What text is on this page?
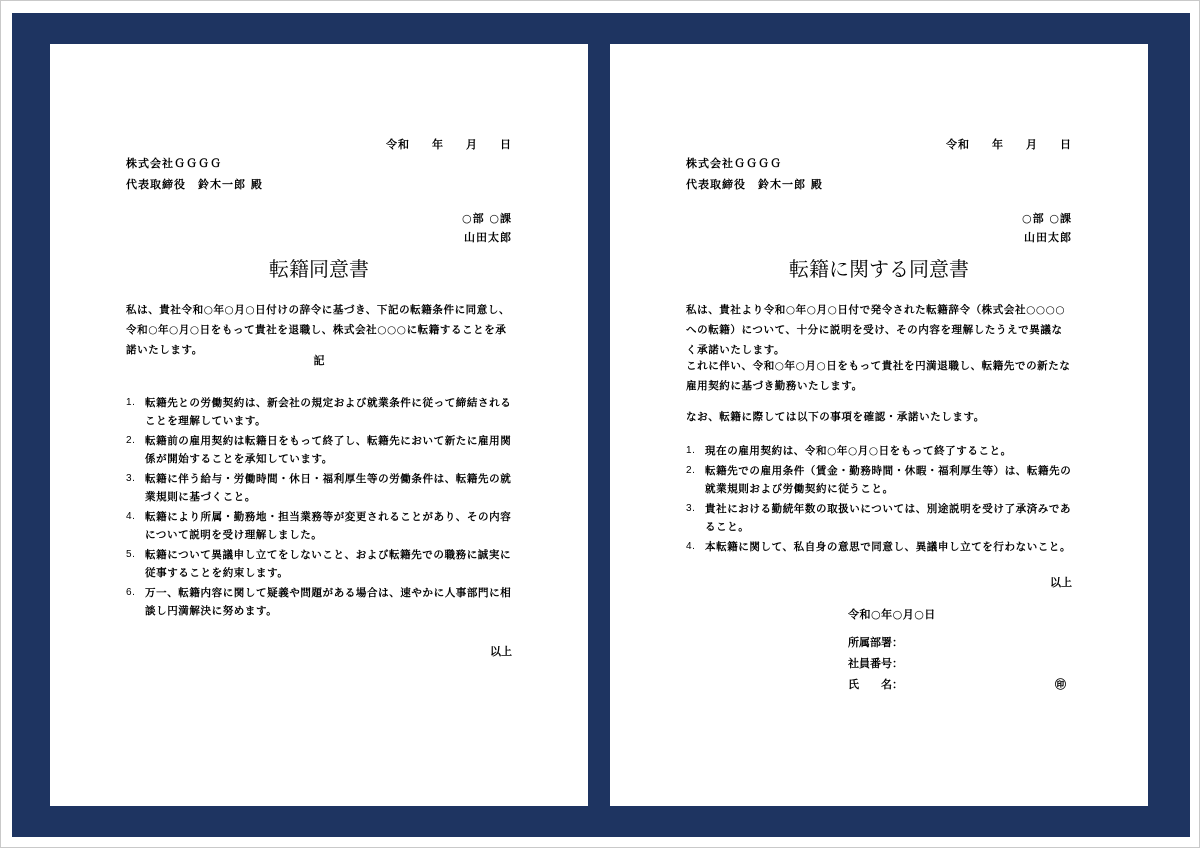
令和 年 月 日
株式会社ＧＧＧＧ
代表取締役　鈴木一郎 殿
○部 ○課
山田太郎
転籍同意書
私は、貴社令和○年○月○日付けの辞令に基づき、下記の転籍条件に同意し、令和○年○月○日をもって貴社を退職し、株式会社○○○に転籍することを承諾いたします。
記
1. 転籍先との労働契約は、新会社の規定および就業条件に従って締結されることを理解しています。
2. 転籍前の雇用契約は転籍日をもって終了し、転籍先において新たに雇用関係が開始することを承知しています。
3. 転籍に伴う給与・労働時間・休日・福利厚生等の労働条件は、転籍先の就業規則に基づくこと。
4. 転籍により所属・勤務地・担当業務等が変更されることがあり、その内容について説明を受け理解しました。
5. 転籍について異議申し立てをしないこと、および転籍先での職務に誠実に従事することを約束します。
6. 万一、転籍内容に関して疑義や問題がある場合は、速やかに人事部門に相談し円満解決に努めます。
以上
令和 年 月 日
株式会社ＧＧＧＧ
代表取締役　鈴木一郎 殿
○部 ○課
山田太郎
転籍に関する同意書
私は、貴社より令和○年○月○日付で発令された転籍辞令（株式会社○○○○への転籍）について、十分に説明を受け、その内容を理解したうえで異議なく承諾いたします。
これに伴い、令和○年○月○日をもって貴社を円満退職し、転籍先での新たな雇用契約に基づき勤務いたします。
なお、転籍に際しては以下の事項を確認・承諾いたします。
1. 現在の雇用契約は、令和○年○月○日をもって終了すること。
2. 転籍先での雇用条件（賃金・勤務時間・休暇・福利厚生等）は、転籍先の就業規則および労働契約に従うこと。
3. 貴社における勤続年数の取扱いについては、別途説明を受け了承済みであること。
4. 本転籍に関して、私自身の意思で同意し、異議申し立てを行わないこと。
以上
令和○年○月○日
所属部署：
社員番号：
氏　　名：	㊞
